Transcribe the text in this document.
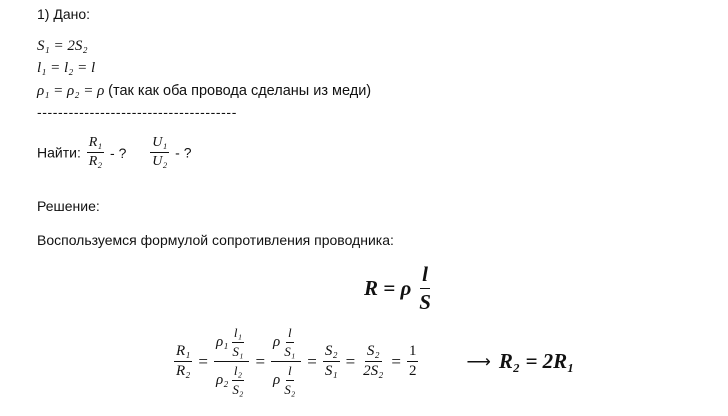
1) Дано:
S₁ = 2S₂
l₁ = l₂ = l
ρ₁ = ρ₂ = ρ (так как оба провода сделаны из меди)
--------------------------------------
Найти: $\frac{\text{R₁}}{\text{R₂}}$ - ? $\frac{\text{U₁}}{\text{U₂}}$ - ?
Решение:
Воспользуемся формулой сопротивления проводника:
R = ρ $\frac{l}{S}$
$\frac{\text{R₁}}{\text{R₂}} = \frac{\rho_1 \frac{\text{l₁}}{\text{S₁}}}{\rho_2 \frac{\text{l₂}}{\text{S₂}}} = \frac{\rho \frac{l}{\text{S₁}}}{\rho \frac{l}{\text{S₂}}} = \frac{\text{S₂}}{\text{S₁}} = \frac{\text{S₂}}{\text{2S₂}} = \frac{1}{2}$	⟶ R₂ = 2R₁
